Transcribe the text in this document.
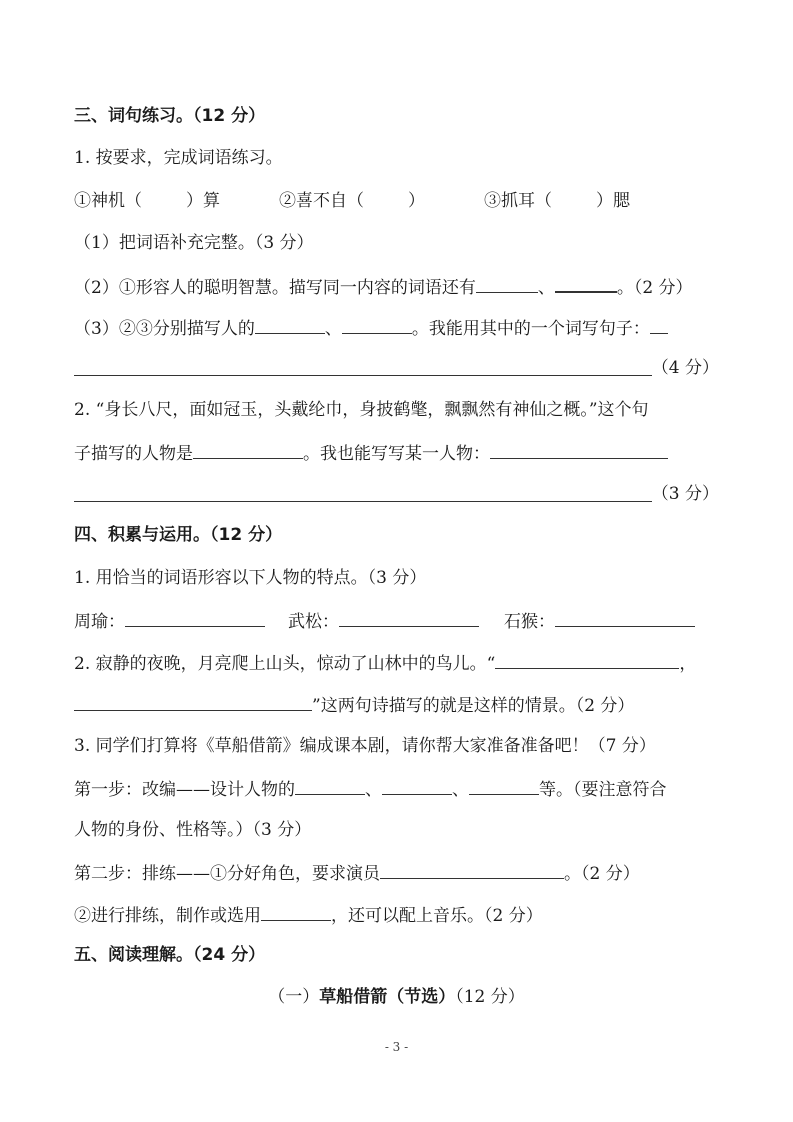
三、词句练习。（12 分）
1. 按要求，完成词语练习。
①神机（	）算	②喜不自（	）	③抓耳（	）腮
（1）把词语补充完整。（3 分）
（2）①形容人的聪明智慧。描写同一内容的词语还有	、	。（2 分）
（3）②③分别描写人的	、	。我能用其中的一个词写句子：
（4 分）
2. “身长八尺，面如冠玉，头戴纶巾，身披鹤氅，飘飘然有神仙之概。”这个句
子描写的人物是	。我也能写写某一人物：
（3 分）
四、积累与运用。（12 分）
1. 用恰当的词语形容以下人物的特点。（3 分）
周瑜：	武松：	石猴：
2. 寂静的夜晚，月亮爬上山头，惊动了山林中的鸟儿。“	，
”这两句诗描写的就是这样的情景。（2 分）
3. 同学们打算将《草船借箭》编成课本剧，请你帮大家准备准备吧！（7 分）
第一步：改编——设计人物的	、	、	等。（要注意符合
人物的身份、性格等。）（3 分）
第二步：排练——①分好角色，要求演员	。（2 分）
②进行排练，制作或选用	，还可以配上音乐。（2 分）
五、阅读理解。（24 分）
（一）草船借箭（节选）（12 分）
- 3 -
